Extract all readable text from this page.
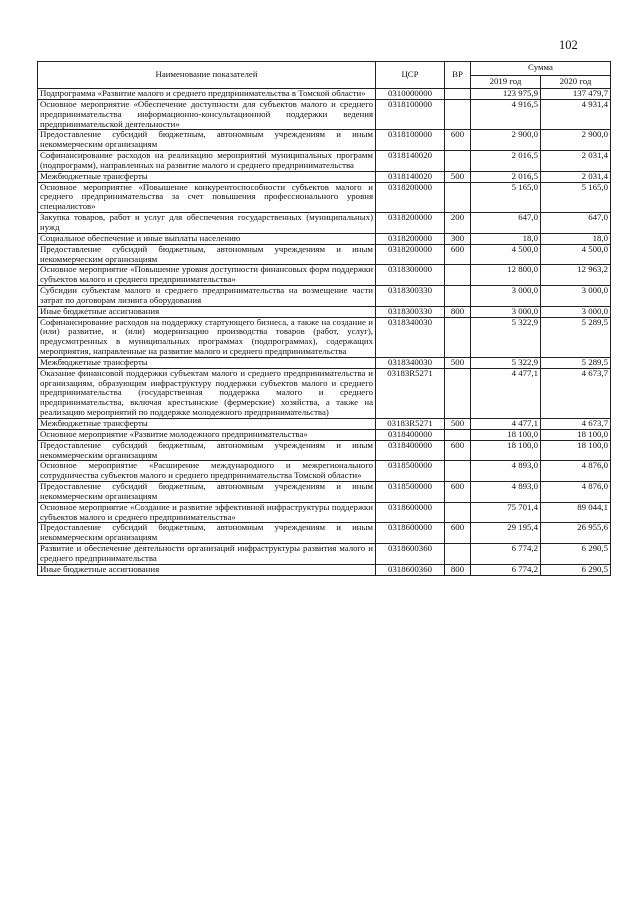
102
Наименование показателей	ЦСР	ВР	Сумма	
			2019 год	2020 год
Подпрограмма «Развитие малого и среднего предпринимательства в Томской области»	0310000000		123 975,9	137 479,7
Основное мероприятие «Обеспечение доступности для субъектов малого и среднего предпринимательства информационно-консультационной поддержки ведения предпринимательской деятельности»	0318100000		4 916,5	4 931,4
Предоставление субсидий бюджетным, автономным учреждениям и иным некоммерческим организациям	0318100000	600	2 900,0	2 900,0
Софинансирование расходов на реализацию мероприятий муниципальных программ (подпрограмм), направленных на развитие малого и среднего предпринимательства	0318140020		2 016,5	2 031,4
Межбюджетные трансферты	0318140020	500	2 016,5	2 031,4
Основное мероприятие «Повышение конкурентоспособности субъектов малого и среднего предпринимательства за счет повышения профессионального уровня специалистов»	0318200000		5 165,0	5 165,0
Закупка товаров, работ и услуг для обеспечения государственных (муниципальных) нужд	0318200000	200	647,0	647,0
Социальное обеспечение и иные выплаты населению	0318200000	300	18,0	18,0
Предоставление субсидий бюджетным, автономным учреждениям и иным некоммерческим организациям	0318200000	600	4 500,0	4 500,0
Основное мероприятие «Повышение уровня доступности финансовых форм поддержки субъектов малого и среднего предпринимательства»	0318300000		12 800,0	12 963,2
Субсидии субъектам малого и среднего предпринимательства на возмещение части затрат по договорам лизинга оборудования	0318300330		3 000,0	3 000,0
Иные бюджетные ассигнования	0318300330	800	3 000,0	3 000,0
Софинансирование расходов на поддержку стартующего бизнеса, а также на создание и (или) развитие, и (или) модернизацию производства товаров (работ, услуг), предусмотренных в муниципальных программах (подпрограммах), содержащих мероприятия, направленные на развитие малого и среднего предпринимательства	0318340030		5 322,9	5 289,5
Межбюджетные трансферты	0318340030	500	5 322,9	5 289,5
Оказание финансовой поддержки субъектам малого и среднего предпринимательства и организациям, образующим инфраструктуру поддержки субъектов малого и среднего предпринимательства (государственная поддержка малого и среднего предпринимательства, включая крестьянские (фермерские) хозяйства, а также на реализацию мероприятий по поддержке молодежного предпринимательства)	03183R5271		4 477,1	4 673,7
Межбюджетные трансферты	03183R5271	500	4 477,1	4 673,7
Основное мероприятие «Развитие молодежного предпринимательства»	0318400000		18 100,0	18 100,0
Предоставление субсидий бюджетным, автономным учреждениям и иным некоммерческим организациям	0318400000	600	18 100,0	18 100,0
Основное мероприятие «Расширение международного и межрегионального сотрудничества субъектов малого и среднего предпринимательства Томской области»	0318500000		4 893,0	4 876,0
Предоставление субсидий бюджетным, автономным учреждениям и иным некоммерческим организациям	0318500000	600	4 893,0	4 876,0
Основное мероприятие «Создание и развитие эффективной инфраструктуры поддержки субъектов малого и среднего предпринимательства»	0318600000		75 701,4	89 044,1
Предоставление субсидий бюджетным, автономным учреждениям и иным некоммерческим организациям	0318600000	600	29 195,4	26 955,6
Развитие и обеспечение деятельности организаций инфраструктуры развития малого и среднего предпринимательства	0318600360		6 774,2	6 290,5
Иные бюджетные ассигнования	0318600360	800	6 774,2	6 290,5
